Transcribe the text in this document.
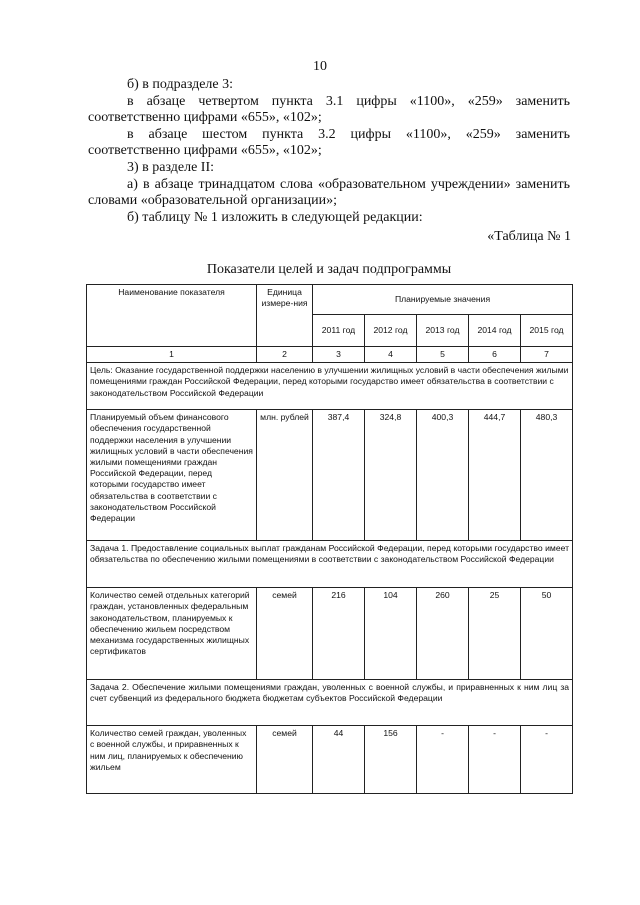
10
б) в подразделе 3:
в абзаце четвертом пункта 3.1 цифры «1100», «259» заменить
соответственно цифрами «655», «102»;
в абзаце шестом пункта 3.2 цифры «1100», «259» заменить
соответственно цифрами «655», «102»;
3) в разделе II:
а) в абзаце тринадцатом слова «образовательном учреждении» заменить
словами «образовательной организации»;
б) таблицу № 1 изложить в следующей редакции:
«Таблица № 1
Показатели целей и задач подпрограммы
Наименование показателя	Единица измере-ния	Планируемые значения				
		2011 год	2012 год	2013 год	2014 год	2015 год
1	2	3	4	5	6	7
Цель: Оказание государственной поддержки населению в улучшении жилищных условий в части обеспечения жилыми помещениями граждан Российской Федерации, перед которыми государство имеет обязательства в соответствии с законодательством Российской Федерации						
Планируемый объем финансового обеспечения государственной поддержки населения в улучшении жилищных условий в части обеспечения жилыми помещениями граждан Российской Федерации, перед которыми государство имеет обязательства в соответствии с законодательством Российской Федерации	млн. рублей	387,4	324,8	400,3	444,7	480,3
Задача 1. Предоставление социальных выплат гражданам Российской Федерации, перед которыми государство имеет обязательства по обеспечению жилыми помещениями в соответствии с законодательством Российской Федерации						
Количество семей отдельных категорий граждан, установленных федеральным законодательством, планируемых к обеспечению жильем посредством механизма государственных жилищных сертификатов	семей	216	104	260	25	50
Задача 2. Обеспечение жилыми помещениями граждан, уволенных с военной службы, и приравненных к ним лиц за счет субвенций из федерального бюджета бюджетам субъектов Российской Федерации						
Количество семей граждан, уволенных с военной службы, и приравненных к ним лиц, планируемых к обеспечению жильем	семей	44	156	-	-	-
